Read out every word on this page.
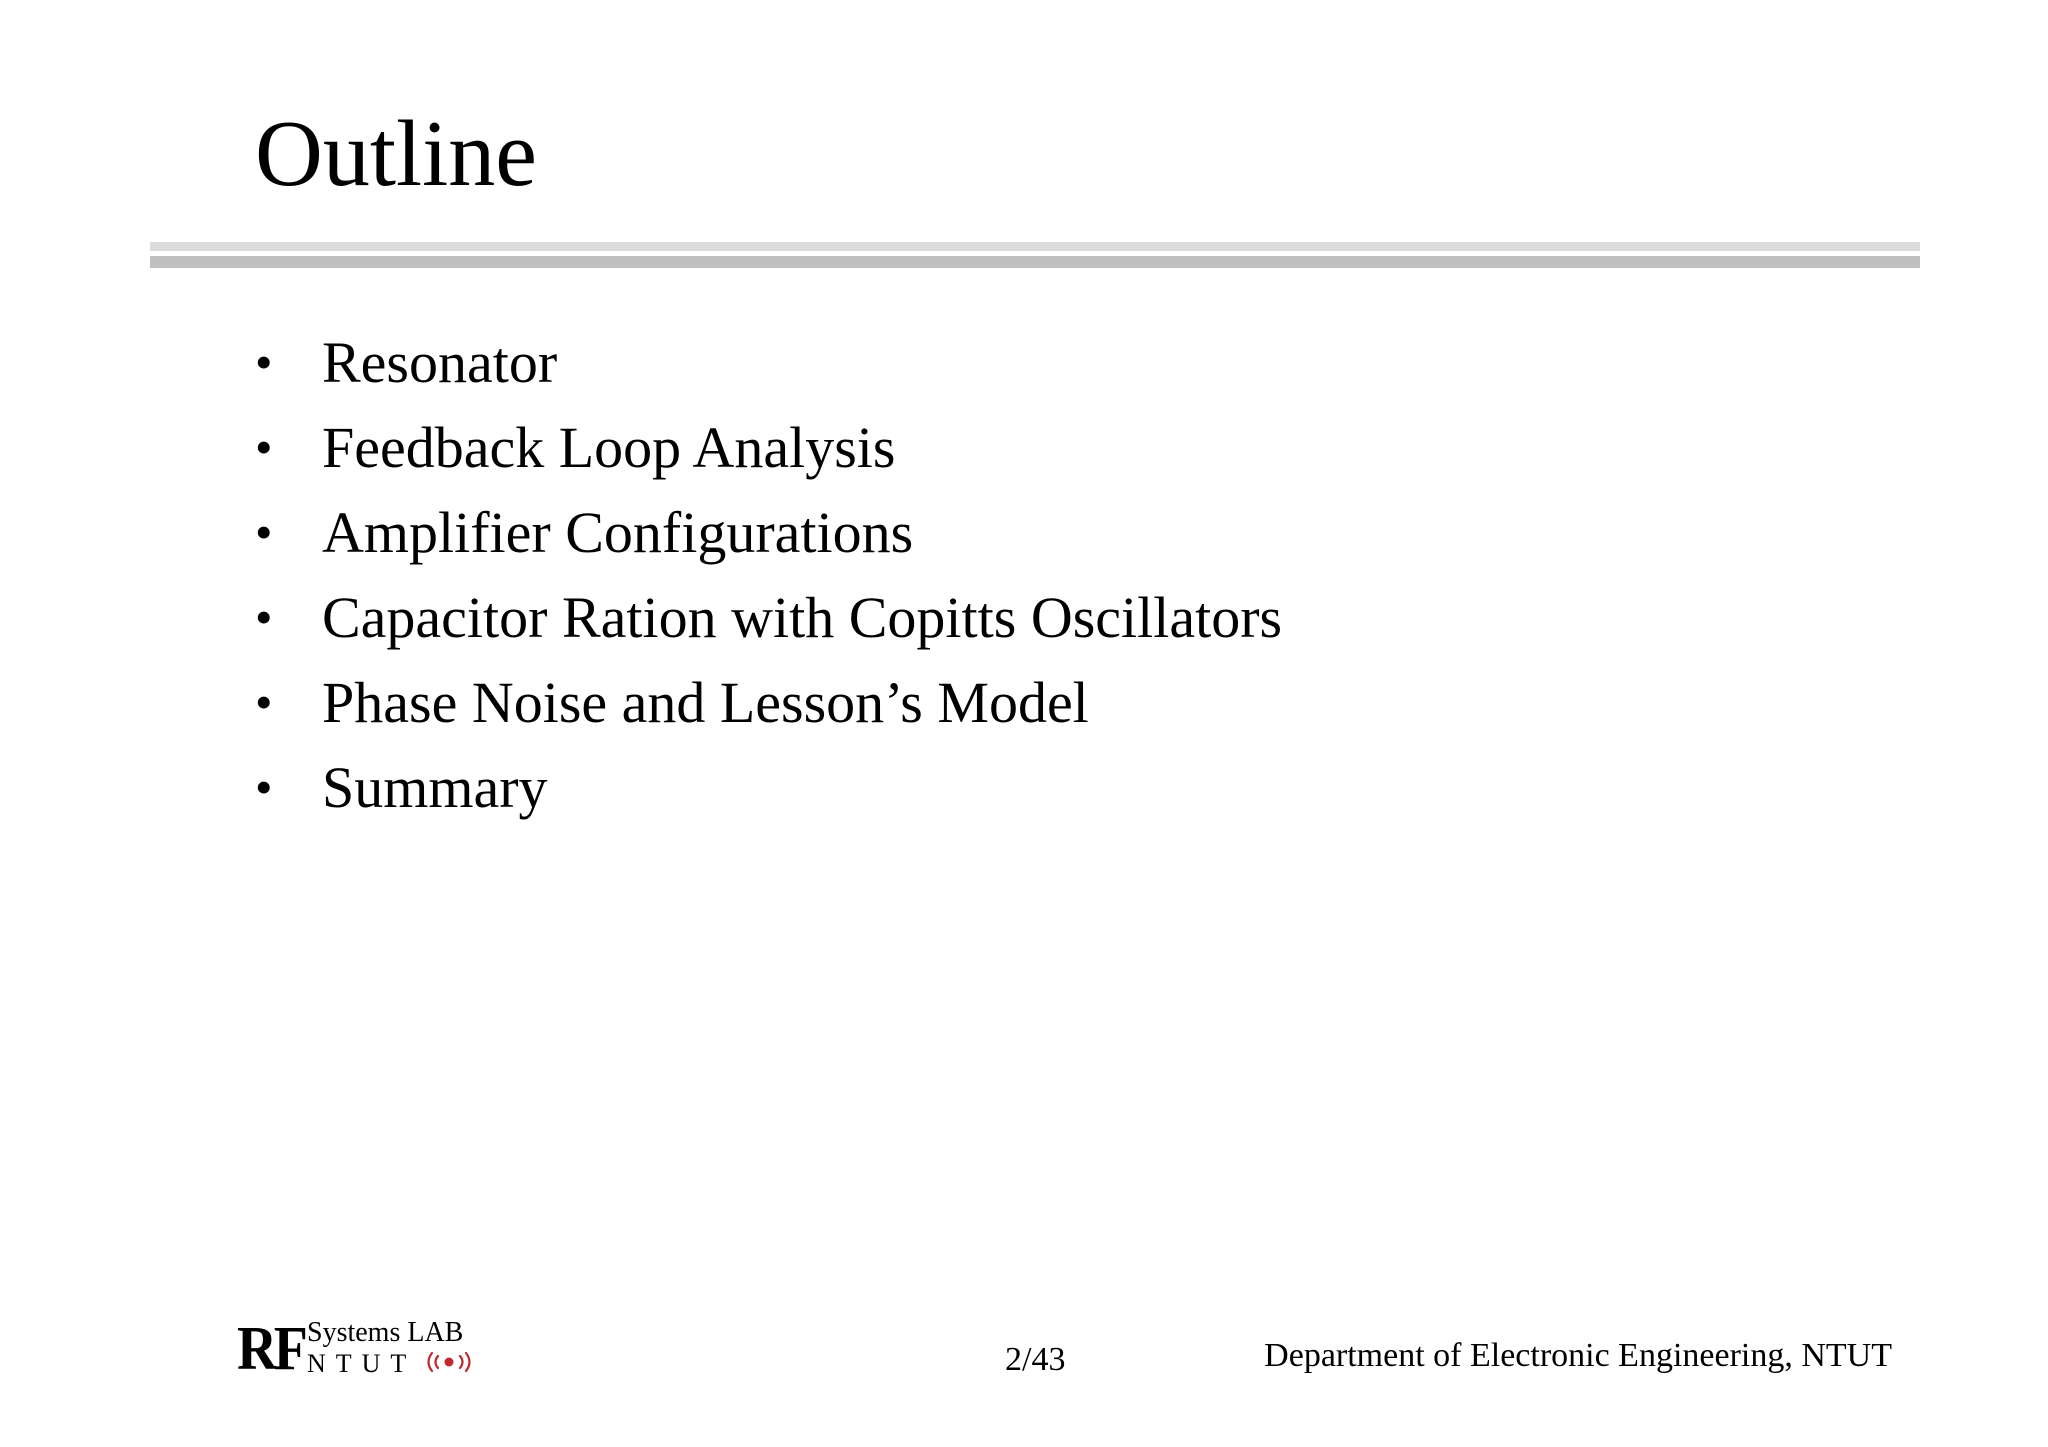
Outline
• Resonator
• Feedback Loop Analysis
• Amplifier Configurations
• Capacitor Ration with Copitts Oscillators
• Phase Noise and Lesson’s Model
• Summary
RF Systems LAB
NTUT	2/43	Department of Electronic Engineering, NTUT
